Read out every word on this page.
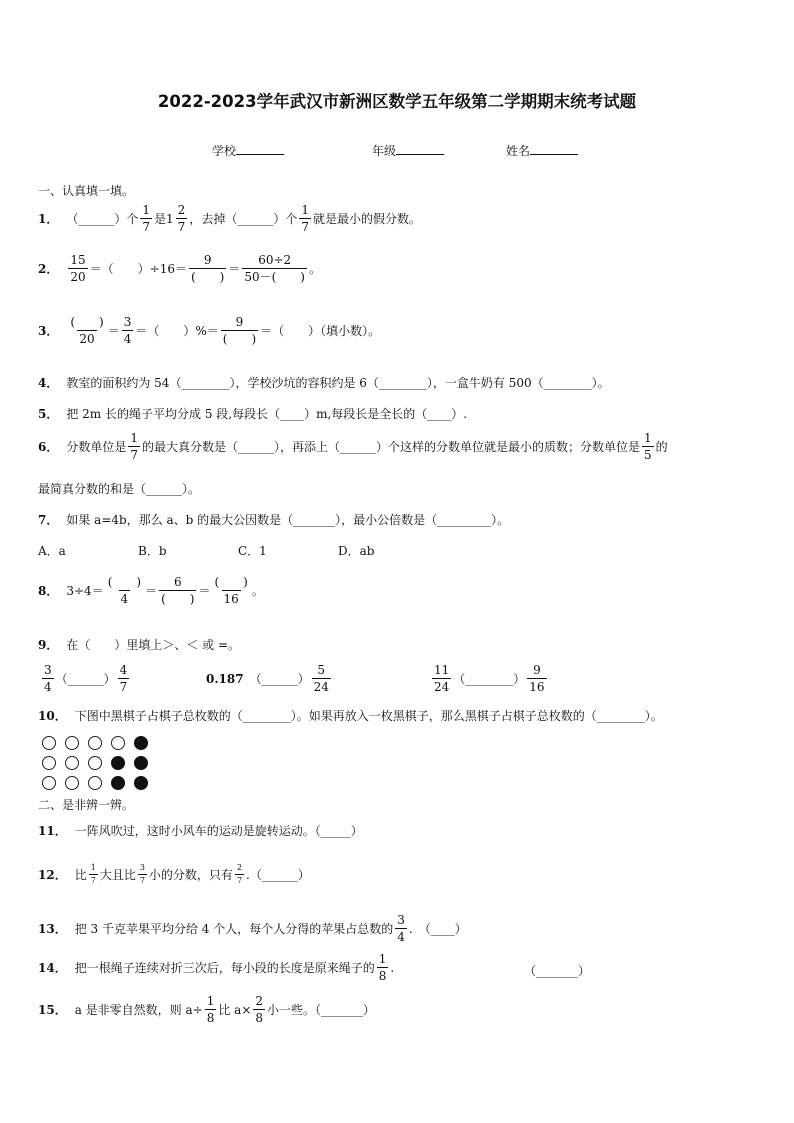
2022-2023学年武汉市新洲区数学五年级第二学期期末统考试题
学校	年级	姓名
一、认真填一填。
1． （______）个 $\frac{1}{7}$ 是 $1 \frac{2}{7}$ ，去掉（______）个 $\frac{1}{7}$ 就是最小的假分数。
2． $\frac{15}{20}$ ＝（　　）$\div 16= \frac{9}{( )} = \frac{60\div 2}{50-( )}$ 。
3． $\frac{( )}{20} = \frac{3}{4}$ ＝（　　）%＝ $\frac{9}{( )}$ ＝（　　）（填小数）。
4． 教室的面积约为 54（________），学校沙坑的容积约是 6（________），一盒牛奶有 500（________）。
5． 把 2m 长的绳子平均分成 5 段,每段长（____）m,每段长是全长的（____）.
6． 分数单位是 $\frac{1}{7}$ 的最大真分数是（______），再添上（______）个这样的分数单位就是最小的质数；分数单位是 $\frac{1}{5}$ 的
最简真分数的和是（______）。
7． 如果 a=4b，那么 a、b 的最大公因数是（_______），最小公倍数是（_________）。
A．a	B．b	C．1	D．ab
8． $3\div 4= \frac{( )}{4} = \frac{6}{( )} = \frac{( )}{16}$ 。
9． 在（　　）里填上＞、＜ 或 =。
$\frac{3}{4}$ （______） $\frac{4}{7}$	0.187 （______） $\frac{5}{24}$	$\frac{11}{24}$ （________） $\frac{9}{16}$
10． 下图中黑棋子占棋子总枚数的（________）。如果再放入一枚黑棋子，那么黑棋子占棋子总枚数的（________）。
二、是非辨一辨。
11． 一阵风吹过，这时小风车的运动是旋转运动。（_____）
12． 比 $\frac{1}{7}$ 大且比 $\frac{3}{7}$ 小的分数，只有 $\frac{2}{7}$ .（______）
13． 把 3 千克苹果平均分给 4 个人，每个人分得的苹果占总数的 $\frac{3}{4}$ .　（____）
14． 把一根绳子连续对折三次后，每小段的长度是原来绳子的 $\frac{1}{8}$ .	（_______）
15． a 是非零自然数，则 $a\div \frac{1}{8}$ 比 $a\times \frac{2}{8}$ 小一些。（_______）
